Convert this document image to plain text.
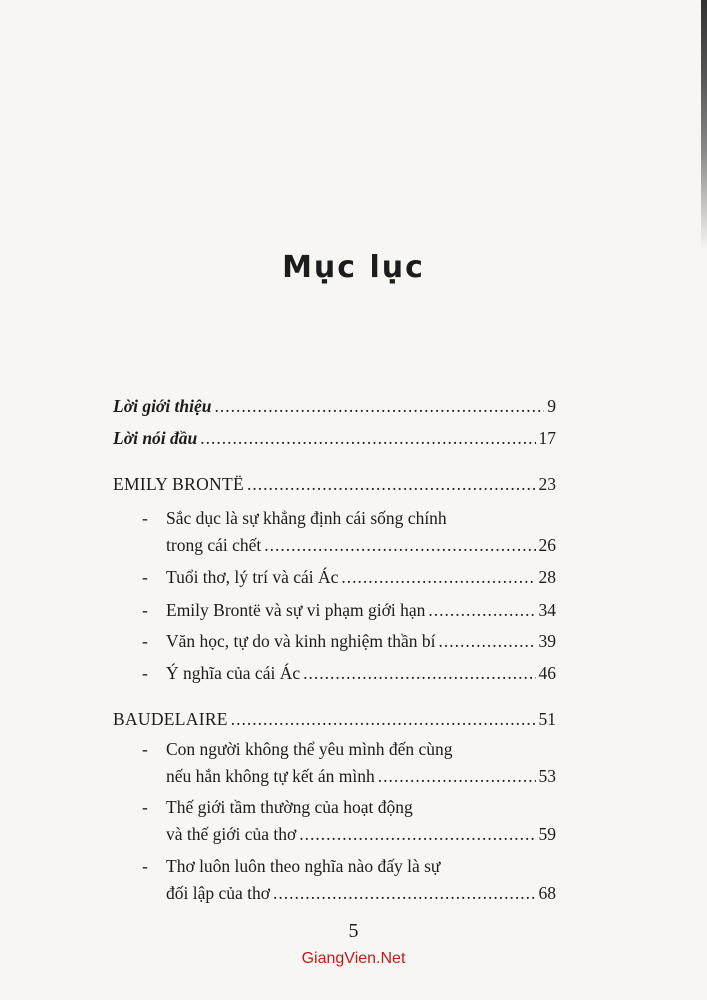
Mục lục
Lời giới thiệu .....	9
Lời nói đầu .....	17
EMILY BRONTË .....	23
- Sắc dục là sự khẳng định cái sống chính
trong cái chết .....	26
- Tuổi thơ, lý trí và cái Ác .....	28
- Emily Brontë và sự vi phạm giới hạn .....	34
- Văn học, tự do và kinh nghiệm thần bí .....	39
- Ý nghĩa của cái Ác .....	46
BAUDELAIRE .....	51
- Con người không thể yêu mình đến cùng
nếu hắn không tự kết án mình .....	53
- Thế giới tầm thường của hoạt động
và thế giới của thơ .....	59
- Thơ luôn luôn theo nghĩa nào đấy là sự
đối lập của thơ .....	68
5
GiangVien.Net
